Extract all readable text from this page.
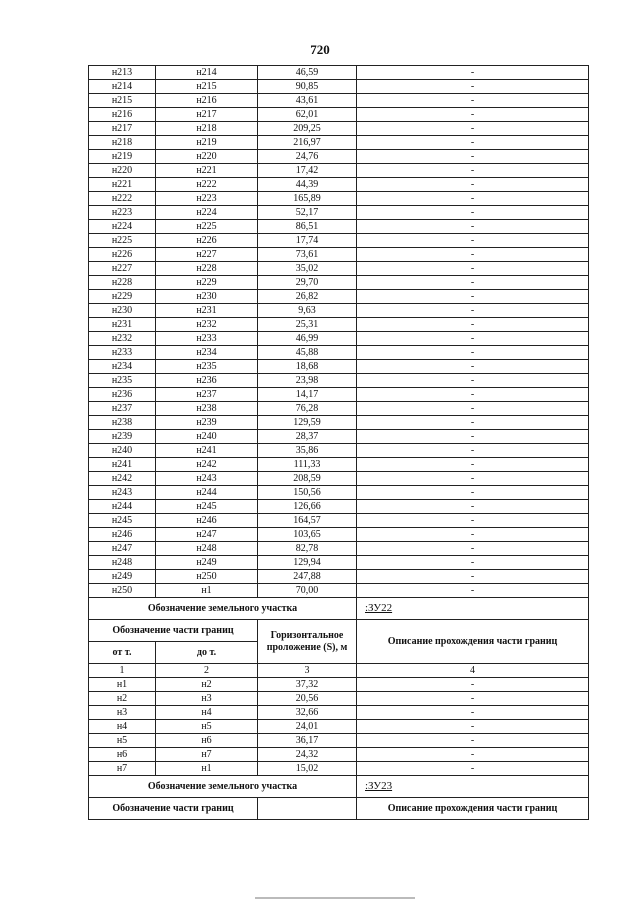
720
н213	н214	46,59	-
н214	н215	90,85	-
н215	н216	43,61	-
н216	н217	62,01	-
н217	н218	209,25	-
н218	н219	216,97	-
н219	н220	24,76	-
н220	н221	17,42	-
н221	н222	44,39	-
н222	н223	165,89	-
н223	н224	52,17	-
н224	н225	86,51	-
н225	н226	17,74	-
н226	н227	73,61	-
н227	н228	35,02	-
н228	н229	29,70	-
н229	н230	26,82	-
н230	н231	9,63	-
н231	н232	25,31	-
н232	н233	46,99	-
н233	н234	45,88	-
н234	н235	18,68	-
н235	н236	23,98	-
н236	н237	14,17	-
н237	н238	76,28	-
н238	н239	129,59	-
н239	н240	28,37	-
н240	н241	35,86	-
н241	н242	111,33	-
н242	н243	208,59	-
н243	н244	150,56	-
н244	н245	126,66	-
н245	н246	164,57	-
н246	н247	103,65	-
н247	н248	82,78	-
н248	н249	129,94	-
н249	н250	247,88	-
н250	н1	70,00	-
Обозначение земельного участка			:ЗУ22
Обозначение части границ		Горизонтальное проложение (S), м	Описание прохождения части границ
от т.	до т.		
1	2	3	4
н1	н2	37,32	-
н2	н3	20,56	-
н3	н4	32,66	-
н4	н5	24,01	-
н5	н6	36,17	-
н6	н7	24,32	-
н7	н1	15,02	-
Обозначение земельного участка			:ЗУ23
Обозначение части границ			Описание прохождения части границ
